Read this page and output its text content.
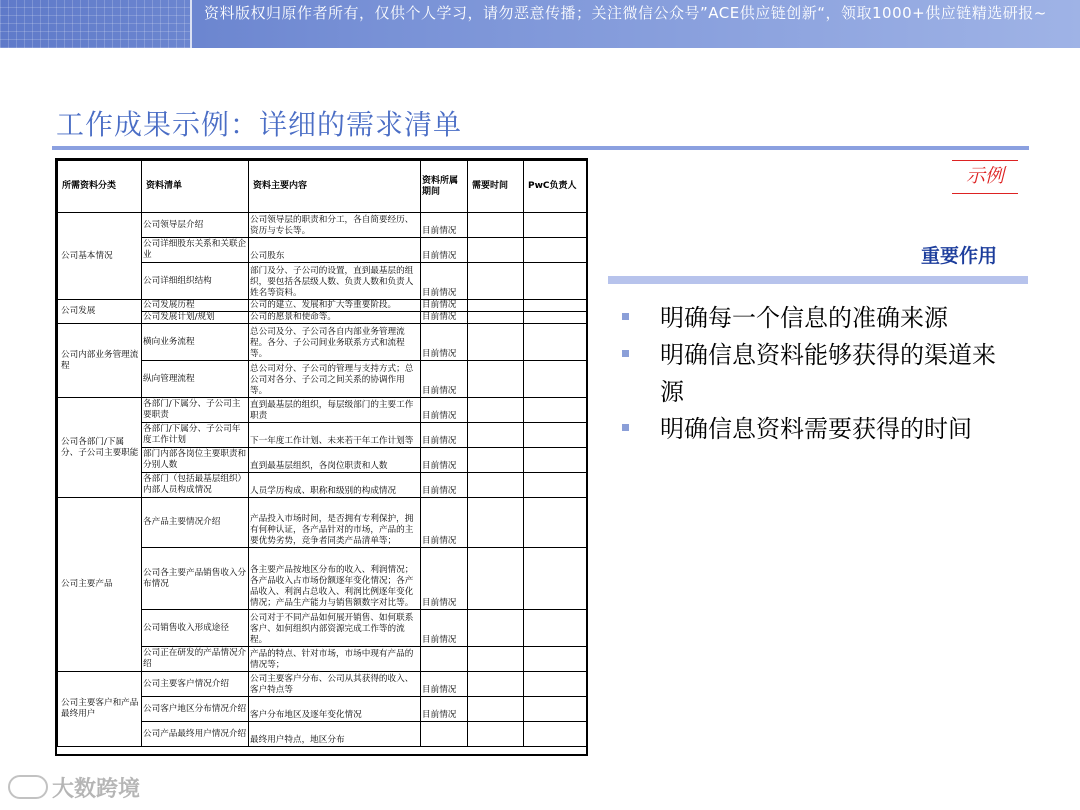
资料版权归原作者所有，仅供个人学习，请勿恶意传播；关注微信公众号”ACE供应链创新“，领取1000+供应链精选研报~
工作成果示例：详细的需求清单
所需资料分类	资料清单	资料主要内容	资料所属期间	需要时间	PwC负责人
公司基本情况	公司领导层介绍	公司领导层的职责和分工，各自简要经历、资历与专长等。	目前情况		
	公司详细股东关系和关联企业	公司股东	目前情况		
	公司详细组织结构	部门及分、子公司的设置，直到最基层的组织，要包括各层级人数、负责人数和负责人姓名等资料。	目前情况		
公司发展	公司发展历程	公司的建立、发展和扩大等重要阶段。	目前情况		
	公司发展计划/规划	公司的愿景和使命等。	目前情况		
公司内部业务管理流程	横向业务流程	总公司及分、子公司各自内部业务管理流程。各分、子公司间业务联系方式和流程等。	目前情况		
	纵向管理流程	总公司对分、子公司的管理与支持方式；总公司对各分、子公司之间关系的协调作用等。	目前情况		
公司各部门/下属分、子公司主要职能	各部门/下属分、子公司主要职责	直到最基层的组织，每层级部门的主要工作职责	目前情况		
	各部门/下属分、子公司年度工作计划	下一年度工作计划、未来若干年工作计划等	目前情况		
	部门内部各岗位主要职责和分别人数	直到最基层组织，各岗位职责和人数	目前情况		
	各部门（包括最基层组织）内部人员构成情况	人员学历构成、职称和级别的构成情况	目前情况		
公司主要产品	各产品主要情况介绍	产品投入市场时间，是否拥有专利保护，拥有何种认证，各产品针对的市场，产品的主要优势劣势，竞争者同类产品清单等；	目前情况		
	公司各主要产品销售收入分布情况	各主要产品按地区分布的收入、利润情况；各产品收入占市场份额逐年变化情况；各产品收入、利润占总收入、利润比例逐年变化情况；产品生产能力与销售额数字对比等。	目前情况		
	公司销售收入形成途径	公司对于不同产品如何展开销售、如何联系客户、如何组织内部资源完成工作等的流程。	目前情况		
	公司正在研发的产品情况介绍	产品的特点、针对市场，市场中现有产品的情况等；			
公司主要客户和产品最终用户	公司主要客户情况介绍	公司主要客户分布、公司从其获得的收入、客户特点等	目前情况		
	公司客户地区分布情况介绍	客户分布地区及逐年变化情况	目前情况		
	公司产品最终用户情况介绍	最终用户特点，地区分布			
示例
重要作用
明确每一个信息的准确来源
明确信息资料能够获得的渠道来源
明确信息资料需要获得的时间
大数跨境
